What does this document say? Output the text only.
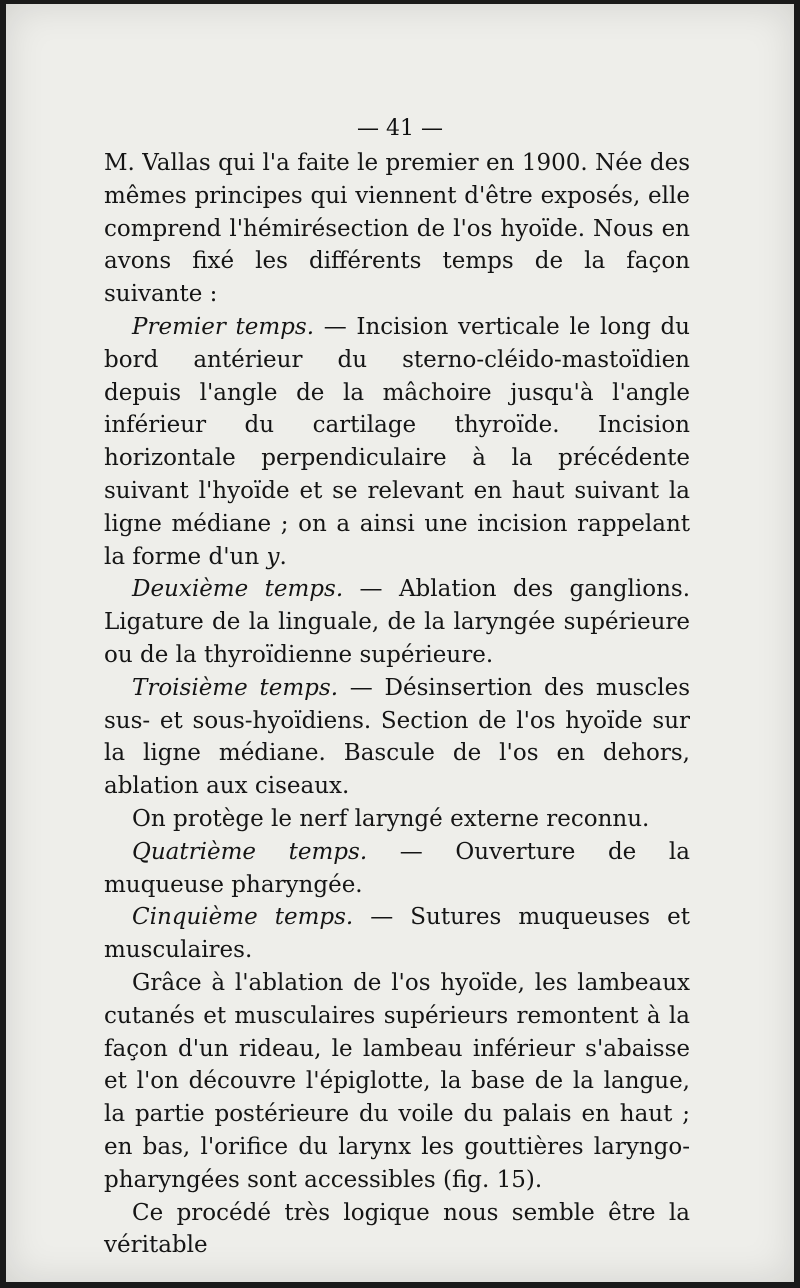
— 41 —

M. Vallas qui l'a faite le premier en 1900. Née des mêmes principes qui viennent d'être exposés, elle comprend l'hémirésection de l'os hyoïde. Nous en avons fixé les différents temps de la façon suivante :

Premier temps. — Incision verticale le long du bord antérieur du sterno-cléido-mastoïdien depuis l'angle de la mâchoire jusqu'à l'angle inférieur du cartilage thyroïde. Incision horizontale perpendiculaire à la précédente suivant l'hyoïde et se relevant en haut suivant la ligne médiane ; on a ainsi une incision rappelant la forme d'un y.

Deuxième temps. — Ablation des ganglions. Ligature de la linguale, de la laryngée supérieure ou de la thyroïdienne supérieure.

Troisième temps. — Désinsertion des muscles sus- et sous-hyoïdiens. Section de l'os hyoïde sur la ligne médiane. Bascule de l'os en dehors, ablation aux ciseaux.

On protège le nerf laryngé externe reconnu.

Quatrième temps. — Ouverture de la muqueuse pharyngée.

Cinquième temps. — Sutures muqueuses et musculaires.

Grâce à l'ablation de l'os hyoïde, les lambeaux cutanés et musculaires supérieurs remontent à la façon d'un rideau, le lambeau inférieur s'abaisse et l'on découvre l'épiglotte, la base de la langue, la partie postérieure du voile du palais en haut ; en bas, l'orifice du larynx les gouttières laryngo-pharyngées sont accessibles (fig. 15).

Ce procédé très logique nous semble être la véritable
